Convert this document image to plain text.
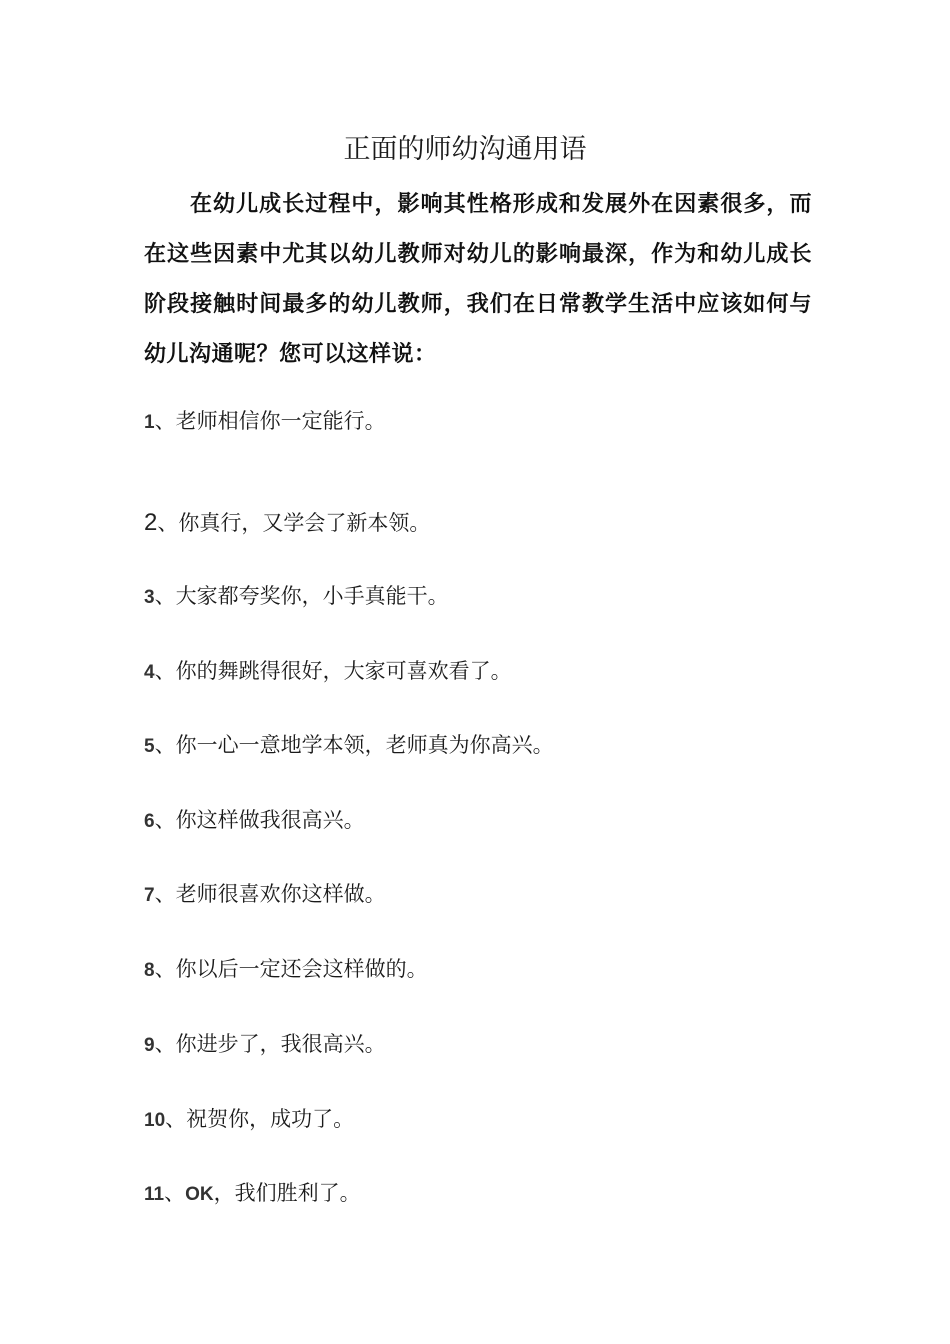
正面的师幼沟通用语

在幼儿成长过程中，影响其性格形成和发展外在因素很多，而在这些因素中尤其以幼儿教师对幼儿的影响最深，作为和幼儿成长阶段接触时间最多的幼儿教师，我们在日常教学生活中应该如何与幼儿沟通呢？您可以这样说：

1、老师相信你一定能行。
2、你真行，又学会了新本领。
3、大家都夸奖你，小手真能干。
4、你的舞跳得很好，大家可喜欢看了。
5、你一心一意地学本领，老师真为你高兴。
6、你这样做我很高兴。
7、老师很喜欢你这样做。
8、你以后一定还会这样做的。
9、你进步了，我很高兴。
10、祝贺你，成功了。
11、OK，我们胜利了。
